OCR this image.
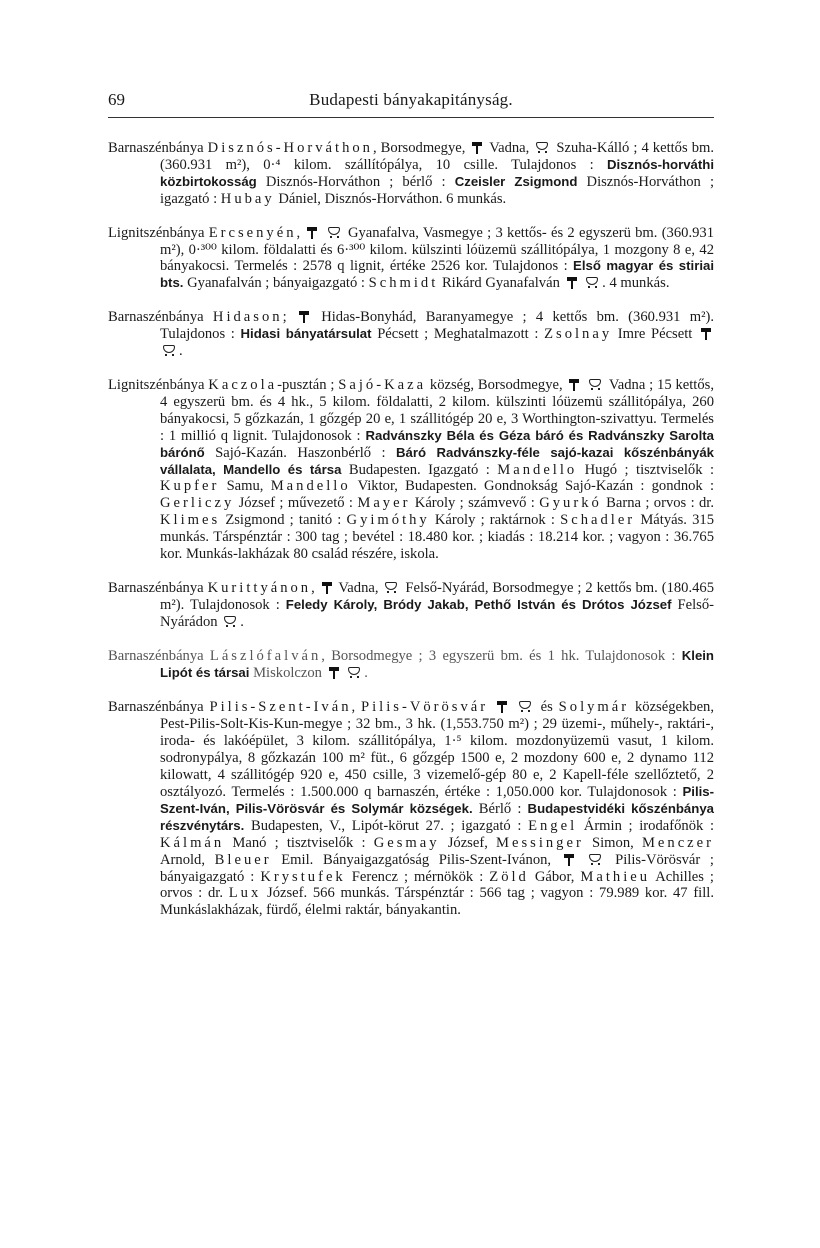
69	Budapesti bányakapitányság.

Barnaszénbánya Disznós-Horváthon, Borsodmegye,  Vadna,  Szuha-Kálló ; 4 kettős bm. (360.931 m²), 0·⁴ kilom. szállítópálya, 10 csille. Tulajdonos : Disznós-horváthi közbirtokosság Disznós-Horváthon ; bérlő : Czeisler Zsigmond Disznós-Horváthon ; igazgató : Hubay Dániel, Disznós-Horváthon. 6 munkás.

Lignitszénbánya Ercsenyén,	Gyanafalva, Vasmegye ; 3 kettős- és 2 egyszerü bm. (360.931 m²), 0·³⁰⁰ kilom. földalatti és 6·³⁰⁰ kilom. külszinti lóüzemü szállitópálya, 1 mozgony 8 e, 42 bányakocsi. Termelés : 2578 q lignit, értéke 2526 kor. Tulajdonos : Első magyar és stiriai bts. Gyanafalván ; bányaigazgató : Schmidt Rikárd Gyanafalván	. 4 munkás.

Barnaszénbánya Hidason;  Hidas-Bonyhád, Baranyamegye ; 4 kettős bm. (360.931 m²). Tulajdonos : Hidasi bányatársulat Pécsett ; Meghatalmazott : Zsolnay Imre Pécsett  .

Lignitszénbánya Kaczola-pusztán ; Sajó-Kaza község, Borsodmegye,	Vadna ; 15 kettős, 4 egyszerü bm. és 4 hk., 5 kilom. földalatti, 2 kilom. külszinti lóüzemü szállitópálya, 260 bányakocsi, 5 gőzkazán, 1 gőzgép 20 e, 1 szállitógép 20 e, 3 Worthington-szivattyu. Termelés : 1 millió q lignit. Tulajdonosok : Radvánszky Béla és Géza báró és Radvánszky Sarolta bárónő Sajó-Kazán. Haszonbérlő : Báró Radvánszky-féle sajó-kazai kőszénbányák vállalata, Mandello és társa Budapesten. Igazgató : Mandello Hugó ; tisztviselők : Kupfer Samu, Mandello Viktor, Budapesten. Gondnokság Sajó-Kazán : gondnok : Gerliczy József ; művezető : Mayer Károly ; számvevő : Gyurkó Barna ; orvos : dr. Klimes Zsigmond ; tanitó : Gyimóthy Károly ; raktárnok : Schadler Mátyás. 315 munkás. Társpénztár : 300 tag ; bevétel : 18.480 kor. ; kiadás : 18.214 kor. ; vagyon : 36.765 kor. Munkás-lakházak 80 család részére, iskola.

Barnaszénbánya Kurittyánon,  Vadna,  Felső-Nyárád, Borsodmegye ; 2 kettős bm. (180.465 m²). Tulajdonosok : Feledy Károly, Bródy Jakab, Pethő István és Drótos József Felső-Nyárádon .

Barnaszénbánya Lászlófalván, Borsodmegye ; 3 egyszerü bm. és 1 hk. Tulajdonosok : Klein Lipót és társai Miskolczon	.

Barnaszénbánya Pilis-Szent-Iván, Pilis-Vörösvár	és Solymár községekben, Pest-Pilis-Solt-Kis-Kun-megye ; 32 bm., 3 hk. (1,553.750 m²) ; 29 üzemi-, műhely-, raktári-, iroda- és lakóépület, 3 kilom. szállitópálya, 1·⁵ kilom. mozdonyüzemü vasut, 1 kilom. sodronypálya, 8 gőzkazán 100 m² füt., 6 gőzgép 1500 e, 2 mozdony 600 e, 2 dynamo 112 kilowatt, 4 szállitógép 920 e, 450 csille, 3 vizemelő-gép 80 e, 2 Kapell-féle szellőztető, 2 osztályozó. Termelés : 1.500.000 q barnaszén, értéke : 1,050.000 kor. Tulajdonosok : Pilis-Szent-Iván, Pilis-Vörösvár és Solymár községek. Bérlő : Budapestvidéki kőszénbánya részvénytárs. Budapesten, V., Lipót-körut 27. ; igazgató : Engel Ármin ; irodafőnök : Kálmán Manó ; tisztviselők : Gesmay József, Messinger Simon, Menczer Arnold, Bleuer Emil. Bányaigazgatóság Pilis-Szent-Ivánon,	Pilis-Vörösvár ; bányaigazgató : Krystufek Ferencz ; mérnökök : Zöld Gábor, Mathieu Achilles ; orvos : dr. Lux József. 566 munkás. Társpénztár : 566 tag ; vagyon : 79.989 kor. 47 fill. Munkáslakházak, fürdő, élelmi raktár, bányakantin.
